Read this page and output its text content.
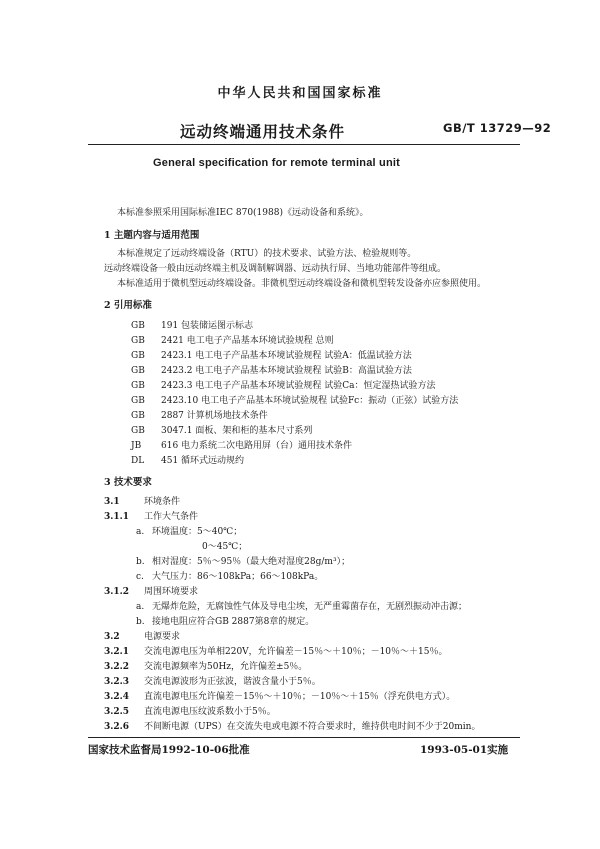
中华人民共和国国家标准
远动终端通用技术条件	GB/T 13729—92
General specification for remote terminal unit
本标准参照采用国际标准IEC 870(1988)《远动设备和系统》。
1 主题内容与适用范围
本标准规定了远动终端设备（RTU）的技术要求、试验方法、检验规则等。
远动终端设备一般由远动终端主机及调制解调器、远动执行屏、当地功能部件等组成。
本标准适用于微机型远动终端设备。非微机型远动终端设备和微机型转发设备亦应参照使用。
2 引用标准
GB 191 包装储运图示标志
GB 2421 电工电子产品基本环境试验规程 总则
GB 2423.1 电工电子产品基本环境试验规程 试验A：低温试验方法
GB 2423.2 电工电子产品基本环境试验规程 试验B：高温试验方法
GB 2423.3 电工电子产品基本环境试验规程 试验Ca：恒定湿热试验方法
GB 2423.10 电工电子产品基本环境试验规程 试验Fc：振动（正弦）试验方法
GB 2887 计算机场地技术条件
GB 3047.1 面板、架和柜的基本尺寸系列
JB 616 电力系统二次电路用屏（台）通用技术条件
DL 451 循环式远动规约
3 技术要求
3.1	环境条件
3.1.1 工作大气条件
a. 环境温度：5～40℃；
0～45℃；
b. 相对湿度：5％～95％（最大绝对湿度28g/m³）；
c. 大气压力：86～108kPa；66～108kPa。
3.1.2 周围环境要求
a. 无爆炸危险，无腐蚀性气体及导电尘埃，无严重霉菌存在，无剧烈振动冲击源；
b. 接地电阻应符合GB 2887第8章的规定。
3.2	电源要求
3.2.1 交流电源电压为单相220V，允许偏差－15％～＋10％；－10％～＋15％。
3.2.2 交流电源频率为50Hz，允许偏差±5％。
3.2.3 交流电源波形为正弦波，谐波含量小于5％。
3.2.4 直流电源电压允许偏差－15％～＋10％；－10％～＋15％（浮充供电方式）。
3.2.5 直流电源电压纹波系数小于5％。
3.2.6 不间断电源（UPS）在交流失电或电源不符合要求时，维持供电时间不少于20min。
国家技术监督局1992-10-06批准	1993-05-01实施
